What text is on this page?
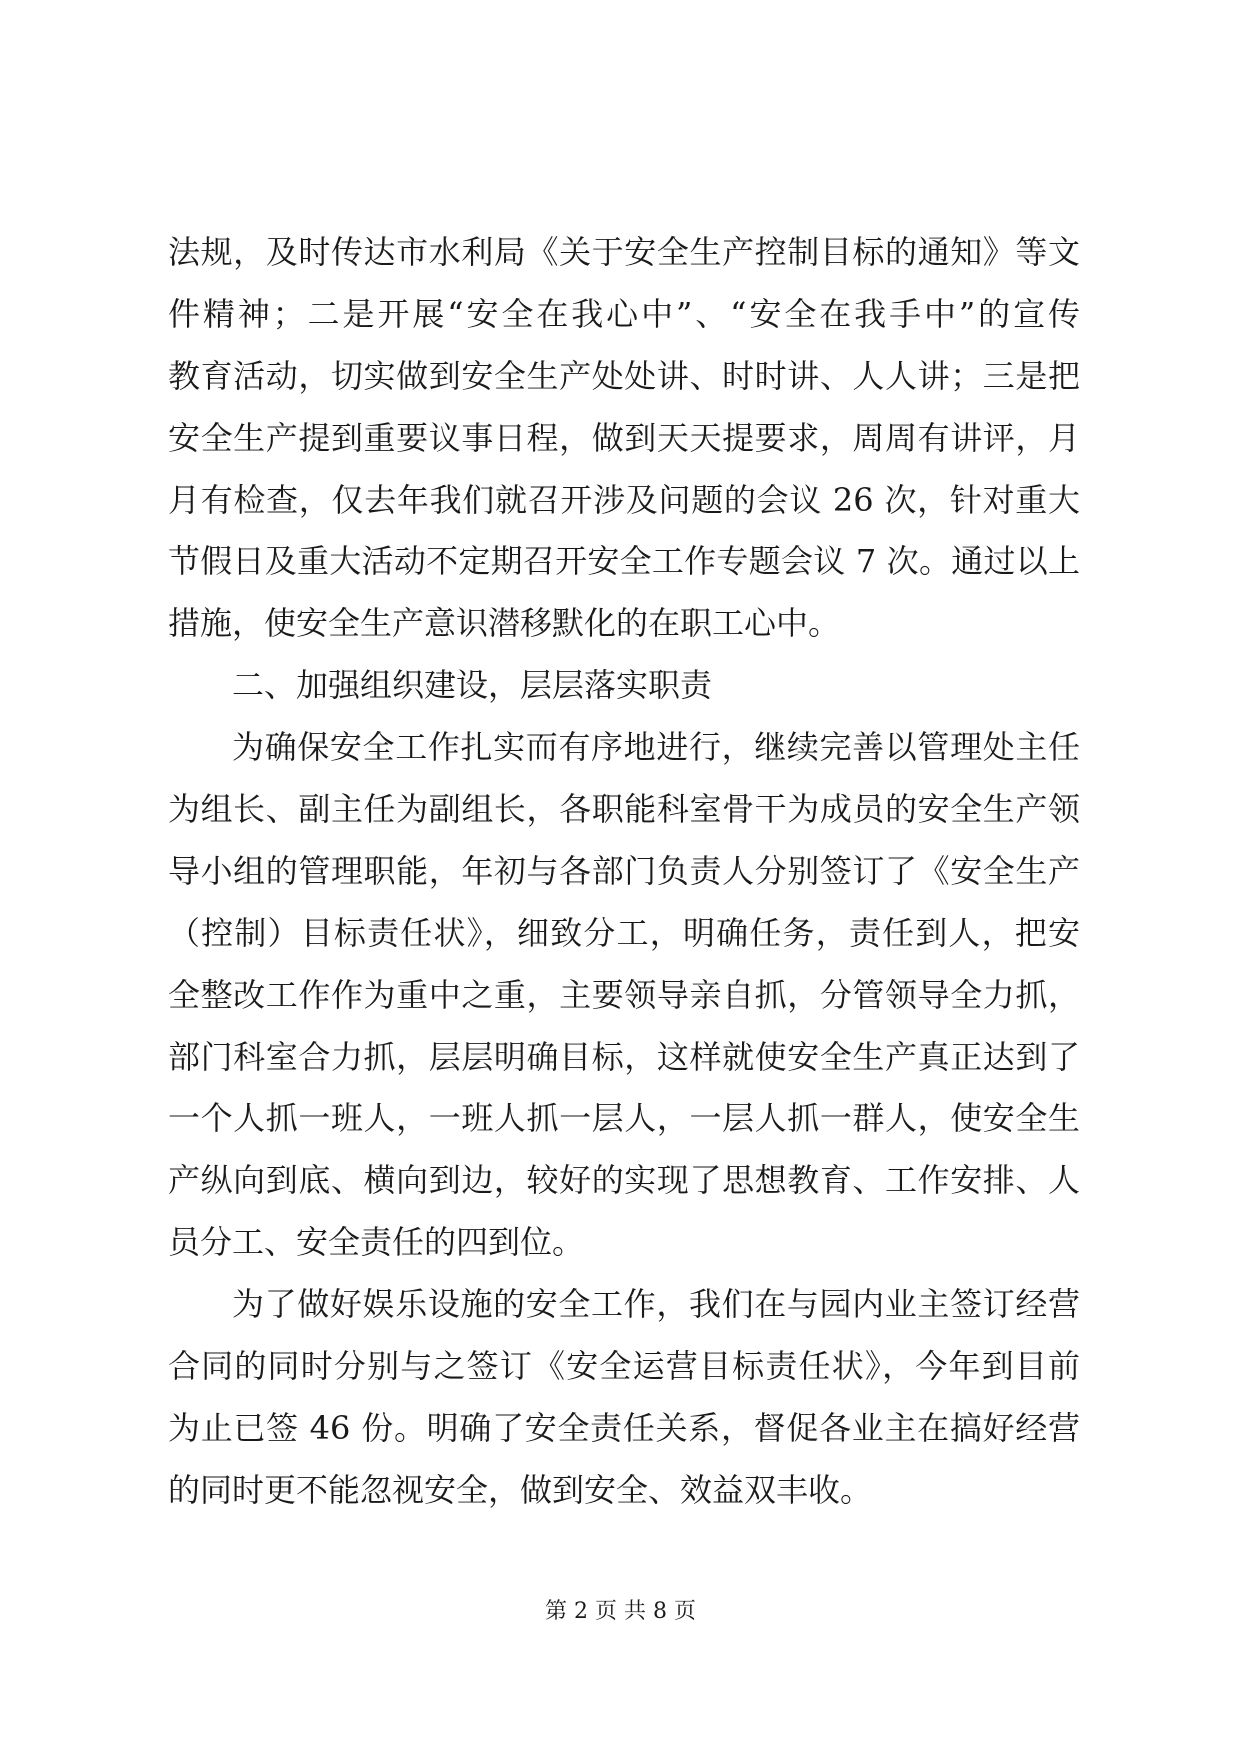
法规，及时传达市水利局《关于安全生产控制目标的通知》等文
件精神；二是开展“安全在我心中”、“安全在我手中”的宣传
教育活动，切实做到安全生产处处讲、时时讲、人人讲；三是把
安全生产提到重要议事日程，做到天天提要求，周周有讲评，月
月有检查，仅去年我们就召开涉及问题的会议 26 次，针对重大
节假日及重大活动不定期召开安全工作专题会议 7 次。通过以上
措施，使安全生产意识潜移默化的在职工心中。
二、加强组织建设，层层落实职责
为确保安全工作扎实而有序地进行，继续完善以管理处主任
为组长、副主任为副组长，各职能科室骨干为成员的安全生产领
导小组的管理职能，年初与各部门负责人分别签订了《安全生产
（控制）目标责任状》，细致分工，明确任务，责任到人，把安
全整改工作作为重中之重，主要领导亲自抓，分管领导全力抓，
部门科室合力抓，层层明确目标，这样就使安全生产真正达到了
一个人抓一班人，一班人抓一层人，一层人抓一群人，使安全生
产纵向到底、横向到边，较好的实现了思想教育、工作安排、人
员分工、安全责任的四到位。
为了做好娱乐设施的安全工作，我们在与园内业主签订经营
合同的同时分别与之签订《安全运营目标责任状》，今年到目前
为止已签 46 份。明确了安全责任关系，督促各业主在搞好经营
的同时更不能忽视安全，做到安全、效益双丰收。
第 2 页 共 8 页
